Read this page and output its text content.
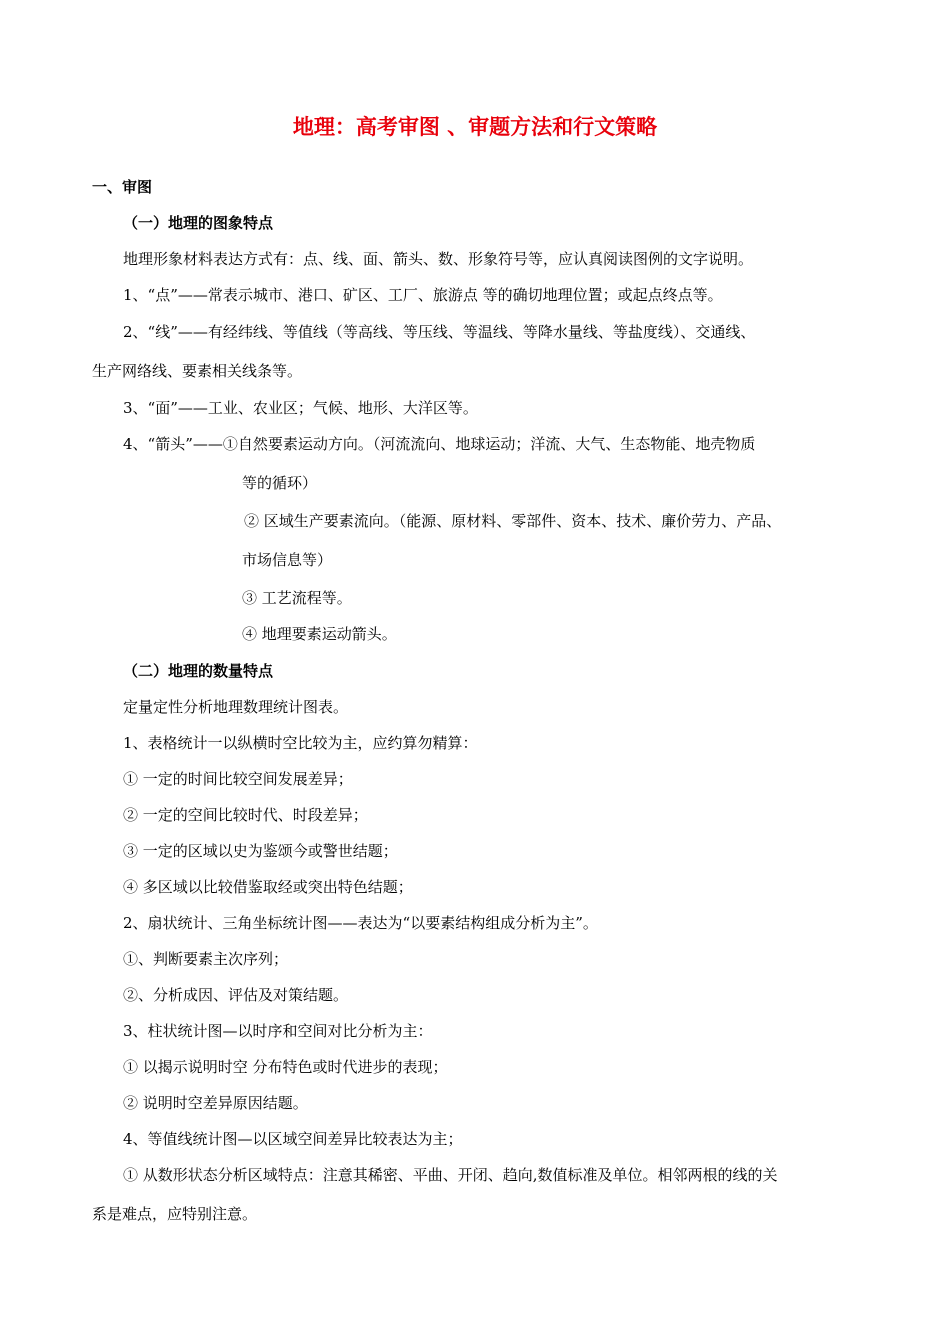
地理：高考审图 、审题方法和行文策略
一、审图
（一）地理的图象特点
地理形象材料表达方式有：点、线、面、箭头、数、形象符号等，应认真阅读图例的文字说明。
1、“点”——常表示城市、港口、矿区、工厂、旅游点 等的确切地理位置；或起点终点等。
2、“线”——有经纬线、等值线（等高线、等压线、等温线、等降水量线、等盐度线）、交通线、
生产网络线、要素相关线条等。
3、“面”——工业、农业区；气候、地形、大洋区等。
4、“箭头”——①自然要素运动方向。（河流流向、地球运动；洋流、大气、生态物能、地壳物质
等的循环）
② 区域生产要素流向。（能源、原材料、零部件、资本、技术、廉价劳力、产品、
市场信息等）
③ 工艺流程等。
④ 地理要素运动箭头。
（二）地理的数量特点
定量定性分析地理数理统计图表。
1、表格统计一以纵横时空比较为主，应约算勿精算：
① 一定的时间比较空间发展差异；
② 一定的空间比较时代、时段差异；
③ 一定的区域以史为鉴颂今或警世结题；
④ 多区域以比较借鉴取经或突出特色结题；
2、扇状统计、三角坐标统计图——表达为“以要素结构组成分析为主”。
①、判断要素主次序列；
②、分析成因、评估及对策结题。
3、柱状统计图—以时序和空间对比分析为主：
① 以揭示说明时空 分布特色或时代进步的表现；
② 说明时空差异原因结题。
4、等值线统计图—以区域空间差异比较表达为主；
① 从数形状态分析区域特点：注意其稀密、平曲、开闭、趋向,数值标准及单位。相邻两根的线的关
系是难点，应特别注意。
